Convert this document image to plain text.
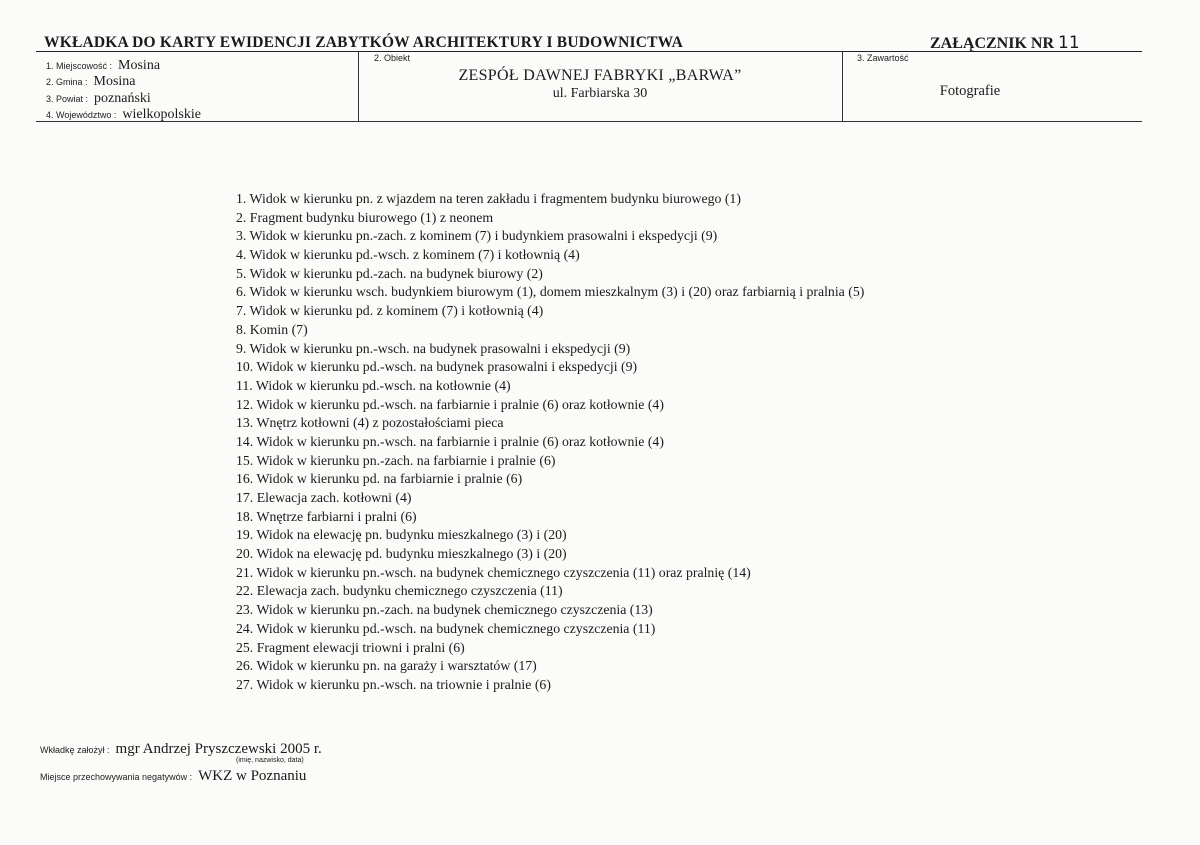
WKŁADKA DO KARTY EWIDENCJI ZABYTKÓW ARCHITEKTURY I BUDOWNICTWA	ZAŁĄCZNIK NR 11
1. Miejscowość : Mosina
2. Gmina : Mosina
3. Powiat : poznański
4. Województwo : wielkopolskie
2. Obiekt
ZESPÓŁ DAWNEJ FABRYKI „BARWA”
ul. Farbiarska 30
3. Zawartość
Fotografie
1. Widok w kierunku pn. z wjazdem na teren zakładu i fragmentem budynku biurowego (1)
2. Fragment budynku biurowego (1) z neonem
3. Widok w kierunku pn.-zach. z kominem (7) i budynkiem prasowalni i ekspedycji (9)
4. Widok w kierunku pd.-wsch. z kominem (7) i kotłownią (4)
5. Widok w kierunku pd.-zach. na budynek biurowy (2)
6. Widok w kierunku wsch. budynkiem biurowym (1), domem mieszkalnym (3) i (20) oraz farbiarnią i pralnia (5)
7. Widok w kierunku pd. z kominem (7) i kotłownią (4)
8. Komin (7)
9. Widok w kierunku pn.-wsch. na budynek prasowalni i ekspedycji (9)
10. Widok w kierunku pd.-wsch. na budynek prasowalni i ekspedycji (9)
11. Widok w kierunku pd.-wsch. na kotłownie (4)
12. Widok w kierunku pd.-wsch. na farbiarnie i pralnie (6) oraz kotłownie (4)
13. Wnętrz kotłowni (4) z pozostałościami pieca
14. Widok w kierunku pn.-wsch. na farbiarnie i pralnie (6) oraz kotłownie (4)
15. Widok w kierunku pn.-zach. na farbiarnie i pralnie (6)
16. Widok w kierunku pd. na farbiarnie i pralnie (6)
17. Elewacja zach. kotłowni (4)
18. Wnętrze farbiarni i pralni (6)
19. Widok na elewację pn. budynku mieszkalnego (3) i (20)
20. Widok na elewację pd. budynku mieszkalnego (3) i (20)
21. Widok w kierunku pn.-wsch. na budynek chemicznego czyszczenia (11) oraz pralnię (14)
22. Elewacja zach. budynku chemicznego czyszczenia (11)
23. Widok w kierunku pn.-zach. na budynek chemicznego czyszczenia (13)
24. Widok w kierunku pd.-wsch. na budynek chemicznego czyszczenia (11)
25. Fragment elewacji triowni i pralni (6)
26. Widok w kierunku pn. na garaży i warsztatów (17)
27. Widok w kierunku pn.-wsch. na triownie i pralnie (6)
Wkładkę założył : mgr Andrzej Pryszczewski 2005 r.
(imię, nazwisko, data)
Miejsce przechowywania negatywów : WKZ w Poznaniu
